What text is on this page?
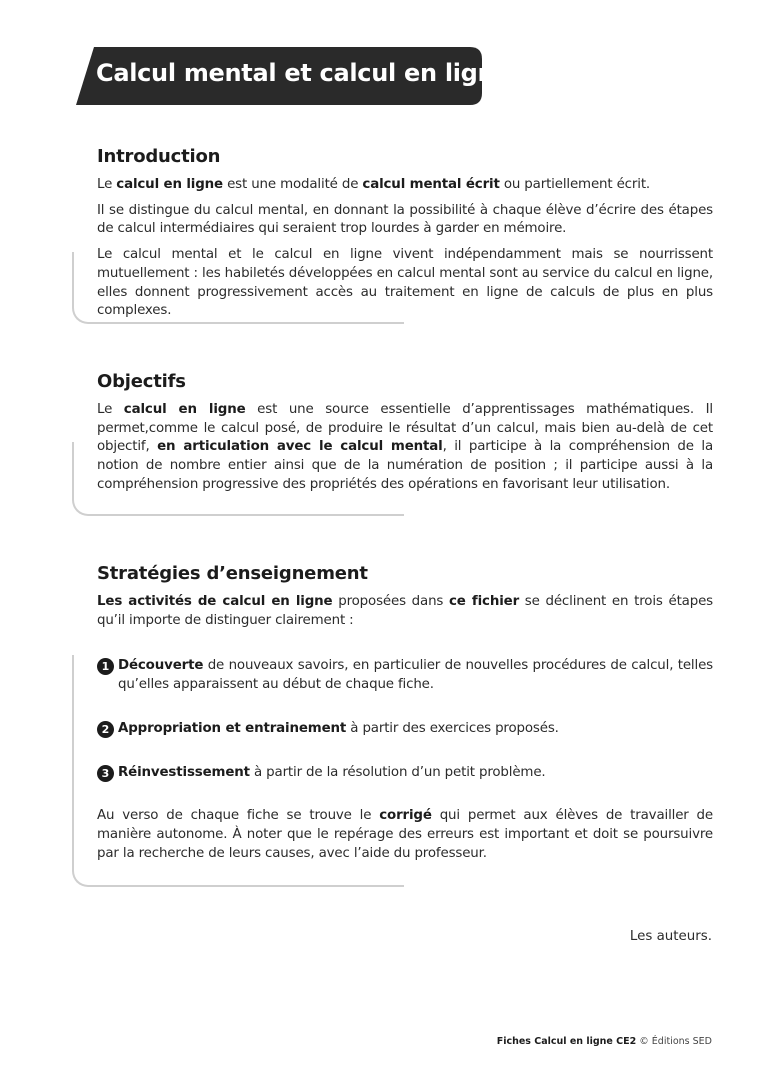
Calcul mental et calcul en ligne
Introduction

Le calcul en ligne est une modalité de calcul mental écrit ou partiellement écrit.

Il se distingue du calcul mental, en donnant la possibilité à chaque élève d’écrire des étapes de calcul intermédiaires qui seraient trop lourdes à garder en mémoire.

Le calcul mental et le calcul en ligne vivent indépendamment mais se nourrissent mutuellement : les habiletés développées en calcul mental sont au service du calcul en ligne, elles donnent progressivement accès au traitement en ligne de calculs de plus en plus complexes.

Objectifs

Le calcul en ligne est une source essentielle d’apprentissages mathématiques. Il permet,comme le calcul posé, de produire le résultat d’un calcul, mais bien au-delà de cet objectif, en articulation avec le calcul mental, il participe à la compréhension de la notion de nombre entier ainsi que de la numération de position ; il participe aussi à la compréhension progressive des propriétés des opérations en favorisant leur utilisation.

Stratégies d’enseignement

Les activités de calcul en ligne proposées dans ce fichier se déclinent en trois étapes qu’il importe de distinguer clairement :

1 Découverte de nouveaux savoirs, en particulier de nouvelles procédures de calcul, telles qu’elles apparaissent au début de chaque fiche.

2 Appropriation et entrainement à partir des exercices proposés.

3 Réinvestissement à partir de la résolution d’un petit problème.

Au verso de chaque fiche se trouve le corrigé qui permet aux élèves de travailler de manière autonome. À noter que le repérage des erreurs est important et doit se poursuivre par la recherche de leurs causes, avec l’aide du professeur.

Les auteurs.
Fiches Calcul en ligne CE2 © Éditions SED
